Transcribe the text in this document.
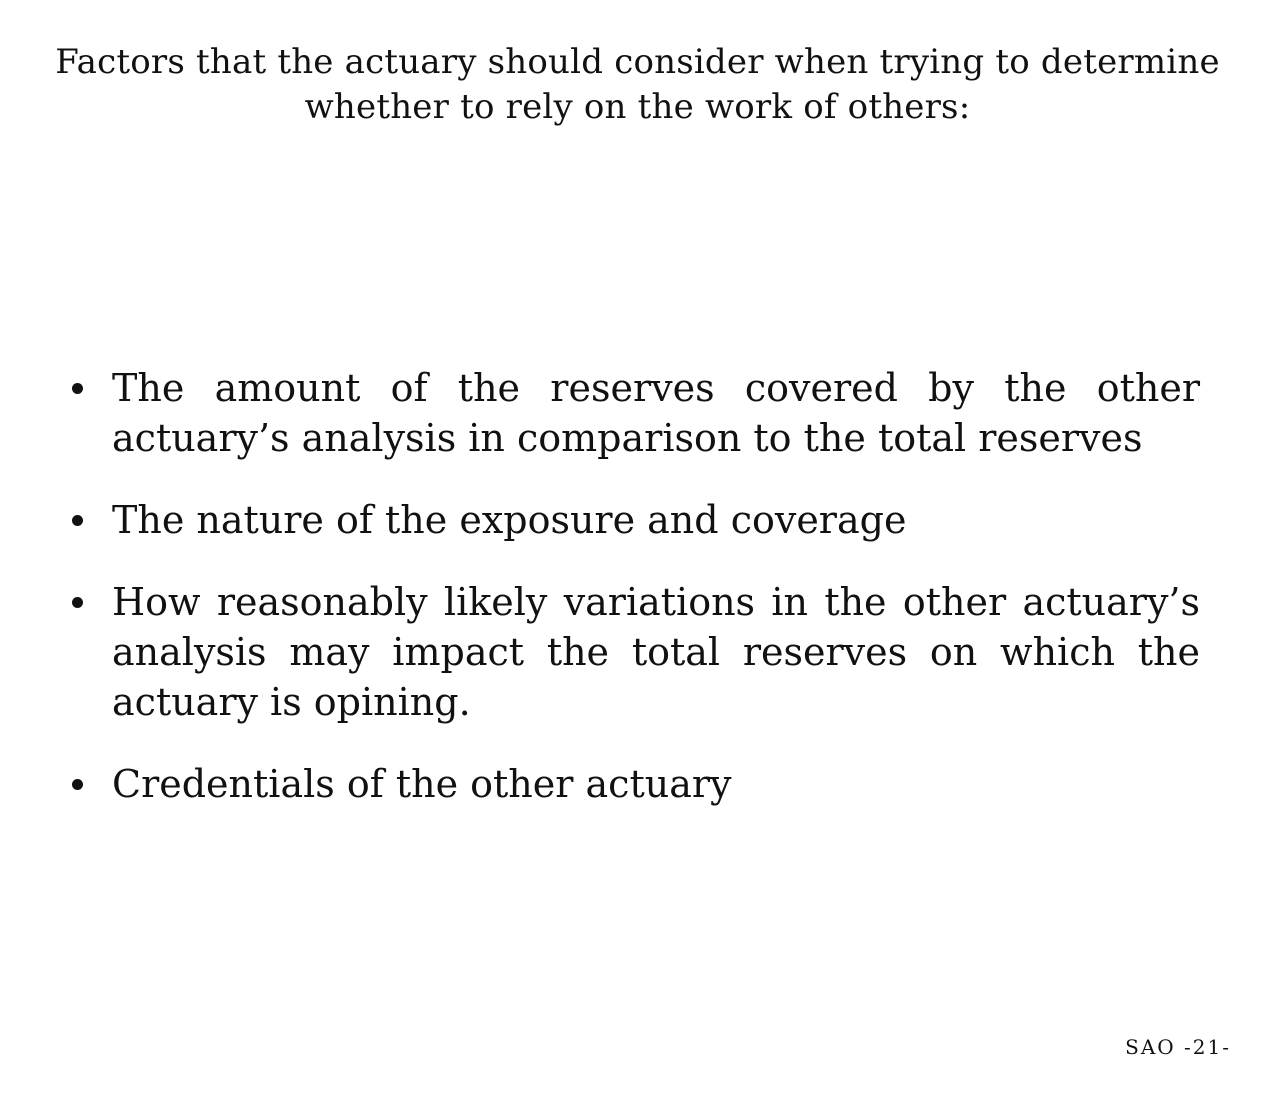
Factors that the actuary should consider when trying to determine whether to rely on the work of others:
The amount of the reserves covered by the other actuary’s analysis in comparison to the total reserves
The nature of the exposure and coverage
How reasonably likely variations in the other actuary’s analysis may impact the total reserves on which the actuary is opining.
Credentials of the other actuary
SAO -21-
